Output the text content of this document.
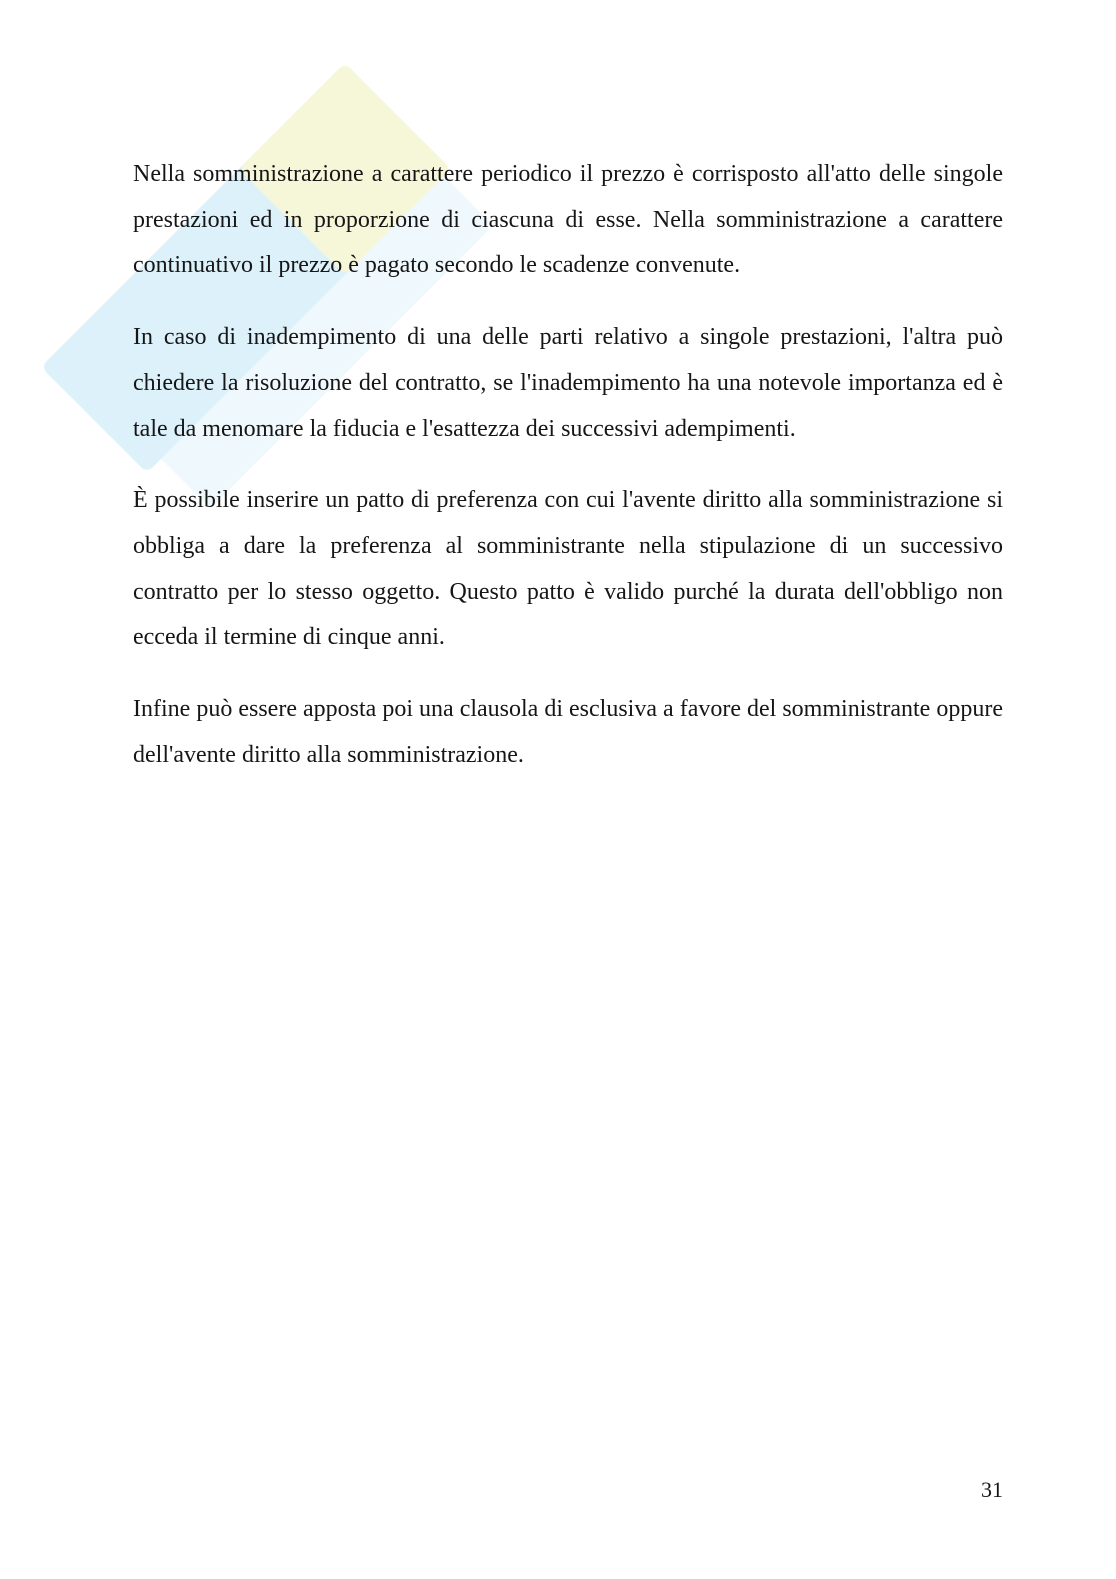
Nella somministrazione a carattere periodico il prezzo è corrisposto all'atto delle singole prestazioni ed in proporzione di ciascuna di esse. Nella somministrazione a carattere continuativo il prezzo è pagato secondo le scadenze convenute.

In caso di inadempimento di una delle parti relativo a singole prestazioni, l'altra può chiedere la risoluzione del contratto, se l'inadempimento ha una notevole importanza ed è tale da menomare la fiducia e l'esattezza dei successivi adempimenti.

È possibile inserire un patto di preferenza con cui l'avente diritto alla somministrazione si obbliga a dare la preferenza al somministrante nella stipulazione di un successivo contratto per lo stesso oggetto. Questo patto è valido purché la durata dell'obbligo non ecceda il termine di cinque anni.

Infine può essere apposta poi una clausola di esclusiva a favore del somministrante oppure dell'avente diritto alla somministrazione.

31
